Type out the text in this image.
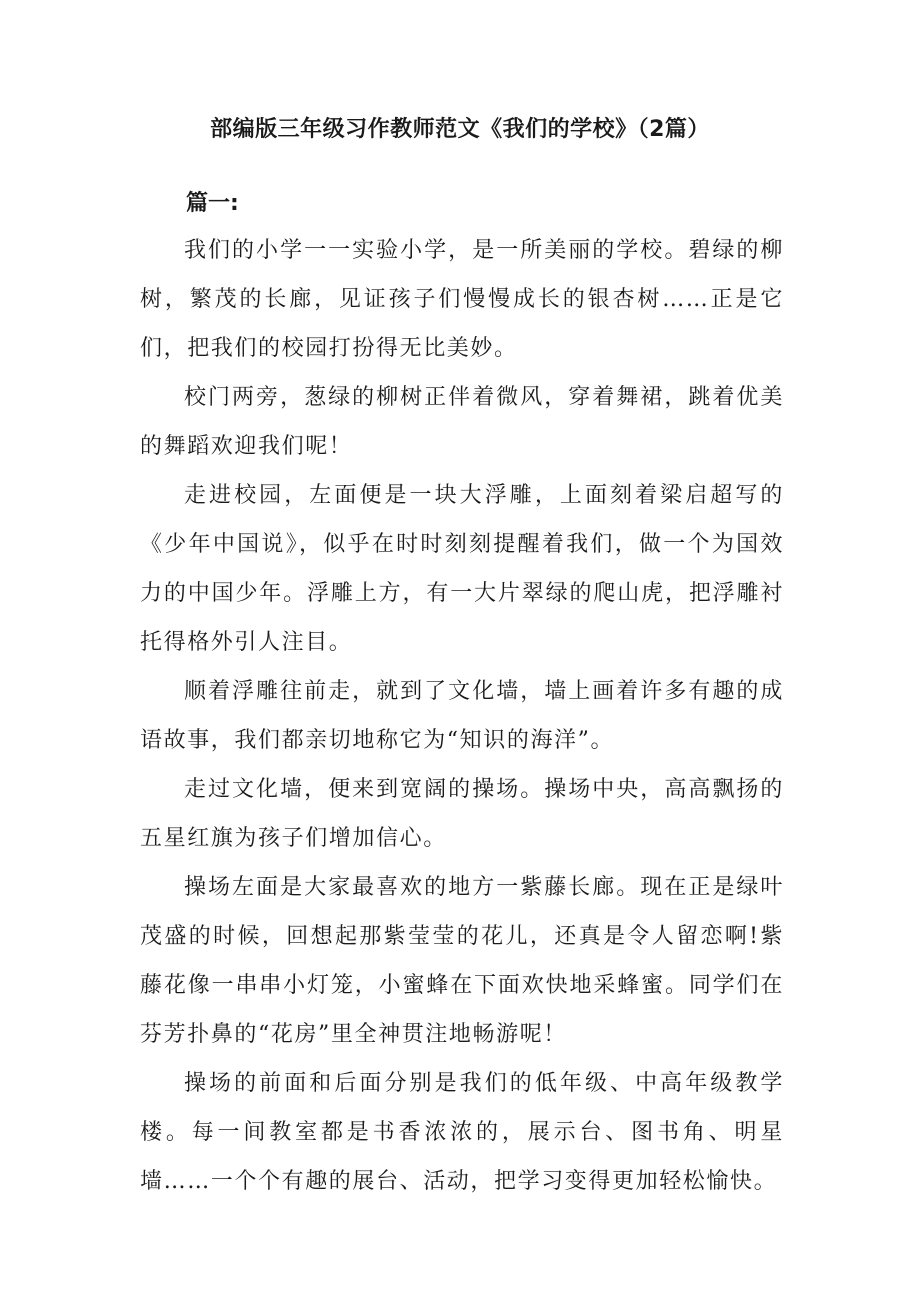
部编版三年级习作教师范文《我们的学校》（2篇）
篇一:

我们的小学一一实验小学，是一所美丽的学校。碧绿的柳树，繁茂的长廊，见证孩子们慢慢成长的银杏树……正是它们，把我们的校园打扮得无比美妙。

校门两旁，葱绿的柳树正伴着微风，穿着舞裙，跳着优美的舞蹈欢迎我们呢！

走进校园，左面便是一块大浮雕，上面刻着梁启超写的《少年中国说》，似乎在时时刻刻提醒着我们，做一个为国效力的中国少年。浮雕上方，有一大片翠绿的爬山虎，把浮雕衬托得格外引人注目。

顺着浮雕往前走，就到了文化墙，墙上画着许多有趣的成语故事，我们都亲切地称它为“知识的海洋”。

走过文化墙，便来到宽阔的操场。操场中央，高高飘扬的五星红旗为孩子们增加信心。

操场左面是大家最喜欢的地方一紫藤长廊。现在正是绿叶茂盛的时候，回想起那紫莹莹的花儿，还真是令人留恋啊!紫藤花像一串串小灯笼，小蜜蜂在下面欢快地采蜂蜜。同学们在芬芳扑鼻的“花房”里全神贯注地畅游呢！

操场的前面和后面分别是我们的低年级、中高年级教学楼。每一间教室都是书香浓浓的，展示台、图书角、明星墙……一个个有趣的展台、活动，把学习变得更加轻松愉快。
